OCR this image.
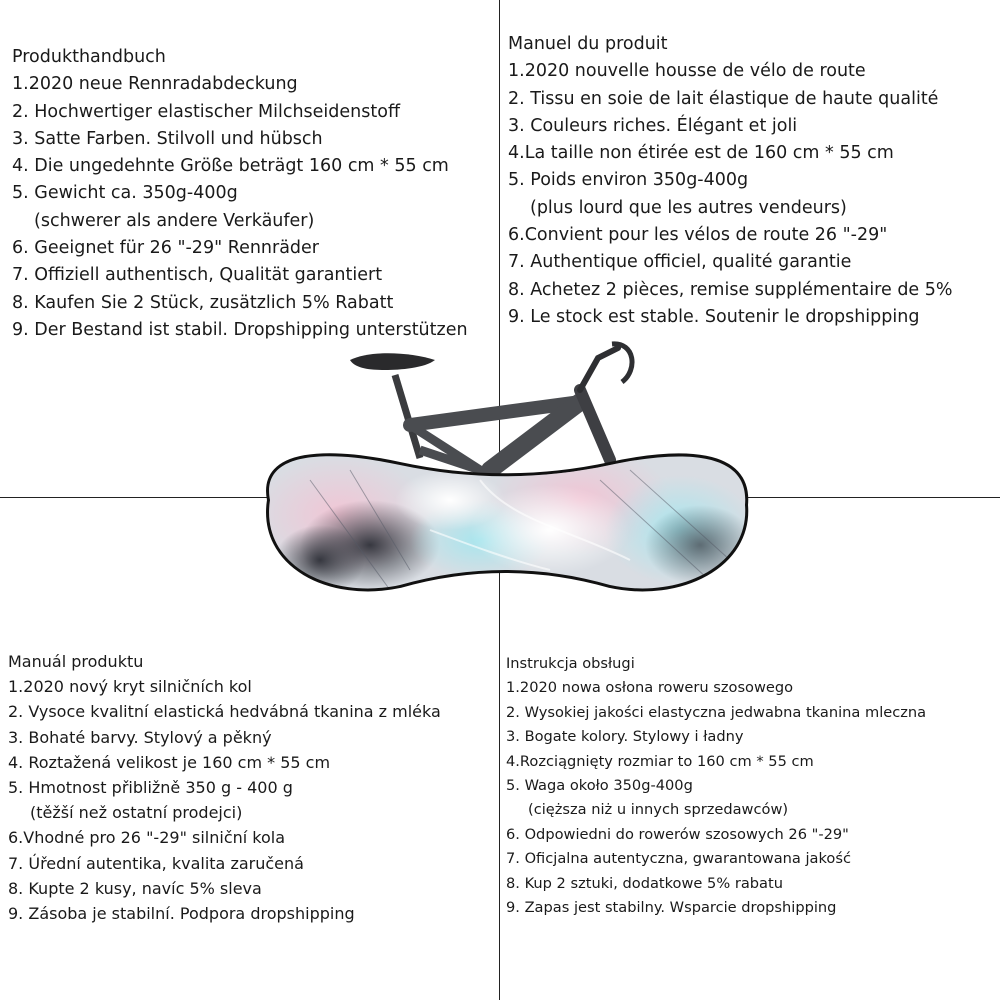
Produkthandbuch
1.2020 neue Rennradabdeckung
2. Hochwertiger elastischer Milchseidenstoff
3. Satte Farben. Stilvoll und hübsch
4. Die ungedehnte Größe beträgt 160 cm * 55 cm
5. Gewicht ca. 350g-400g
(schwerer als andere Verkäufer)
6. Geeignet für 26 "-29" Rennräder
7. Offiziell authentisch, Qualität garantiert
8. Kaufen Sie 2 Stück, zusätzlich 5% Rabatt
9. Der Bestand ist stabil. Dropshipping unterstützen
Manuel du produit
1.2020 nouvelle housse de vélo de route
2. Tissu en soie de lait élastique de haute qualité
3. Couleurs riches. Élégant et joli
4.La taille non étirée est de 160 cm * 55 cm
5. Poids environ 350g-400g
(plus lourd que les autres vendeurs)
6.Convient pour les vélos de route 26 "-29"
7. Authentique officiel, qualité garantie
8. Achetez 2 pièces, remise supplémentaire de 5%
9. Le stock est stable. Soutenir le dropshipping
Manuál produktu
1.2020 nový kryt silničních kol
2. Vysoce kvalitní elastická hedvábná tkanina z mléka
3. Bohaté barvy. Stylový a pěkný
4. Roztažená velikost je 160 cm * 55 cm
5. Hmotnost přibližně 350 g - 400 g
(těžší než ostatní prodejci)
6.Vhodné pro 26 "-29" silniční kola
7. Úřední autentika, kvalita zaručená
8. Kupte 2 kusy, navíc 5% sleva
9. Zásoba je stabilní. Podpora dropshipping
Instrukcja obsługi
1.2020 nowa osłona roweru szosowego
2. Wysokiej jakości elastyczna jedwabna tkanina mleczna
3. Bogate kolory. Stylowy i ładny
4.Rozciągnięty rozmiar to 160 cm * 55 cm
5. Waga około 350g-400g
(cięższa niż u innych sprzedawców)
6. Odpowiedni do rowerów szosowych 26 "-29"
7. Oficjalna autentyczna, gwarantowana jakość
8. Kup 2 sztuki, dodatkowe 5% rabatu
9. Zapas jest stabilny. Wsparcie dropshipping
